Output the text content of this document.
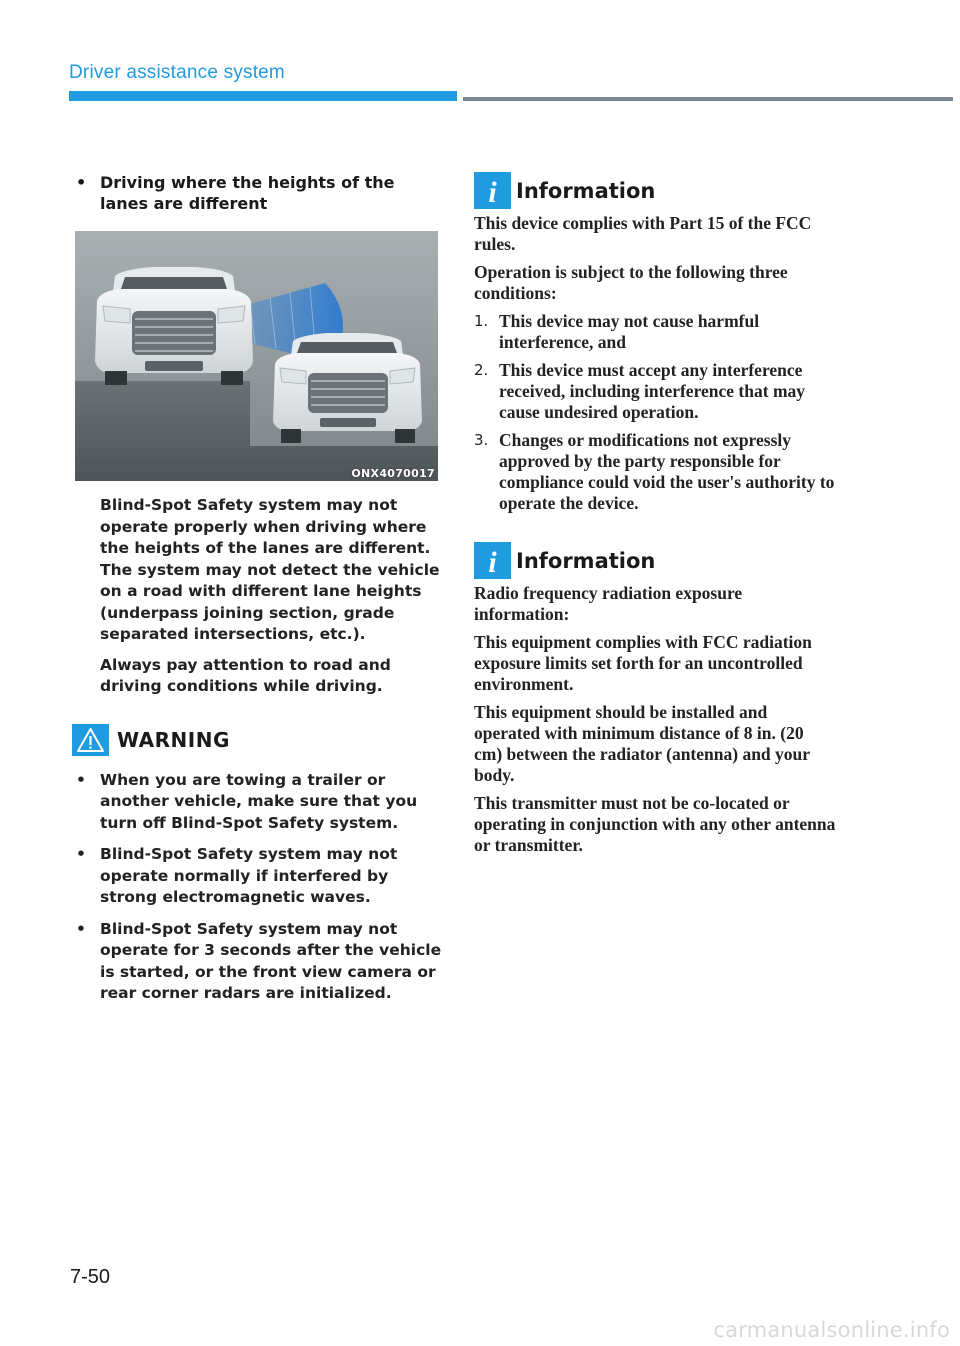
Driver assistance system
• Driving where the heights of the lanes are different
ONX4070017
Blind-Spot Safety system may not operate properly when driving where the heights of the lanes are different. The system may not detect the vehicle on a road with different lane heights (underpass joining section, grade separated intersections, etc.).
Always pay attention to road and driving conditions while driving.
WARNING
• When you are towing a trailer or another vehicle, make sure that you turn off Blind-Spot Safety system.
• Blind-Spot Safety system may not operate normally if interfered by strong electromagnetic waves.
• Blind-Spot Safety system may not operate for 3 seconds after the vehicle is started, or the front view camera or rear corner radars are initialized.
i Information
This device complies with Part 15 of the FCC rules.
Operation is subject to the following three conditions:
1. This device may not cause harmful interference, and
2. This device must accept any interference received, including interference that may cause undesired operation.
3. Changes or modifications not expressly approved by the party responsible for compliance could void the user's authority to operate the device.
i Information
Radio frequency radiation exposure information:
This equipment complies with FCC radiation exposure limits set forth for an uncontrolled environment.
This equipment should be installed and operated with minimum distance of 8 in. (20 cm) between the radiator (antenna) and your body.
This transmitter must not be co-located or operating in conjunction with any other antenna or transmitter.
7-50
carmanualsonline.info
